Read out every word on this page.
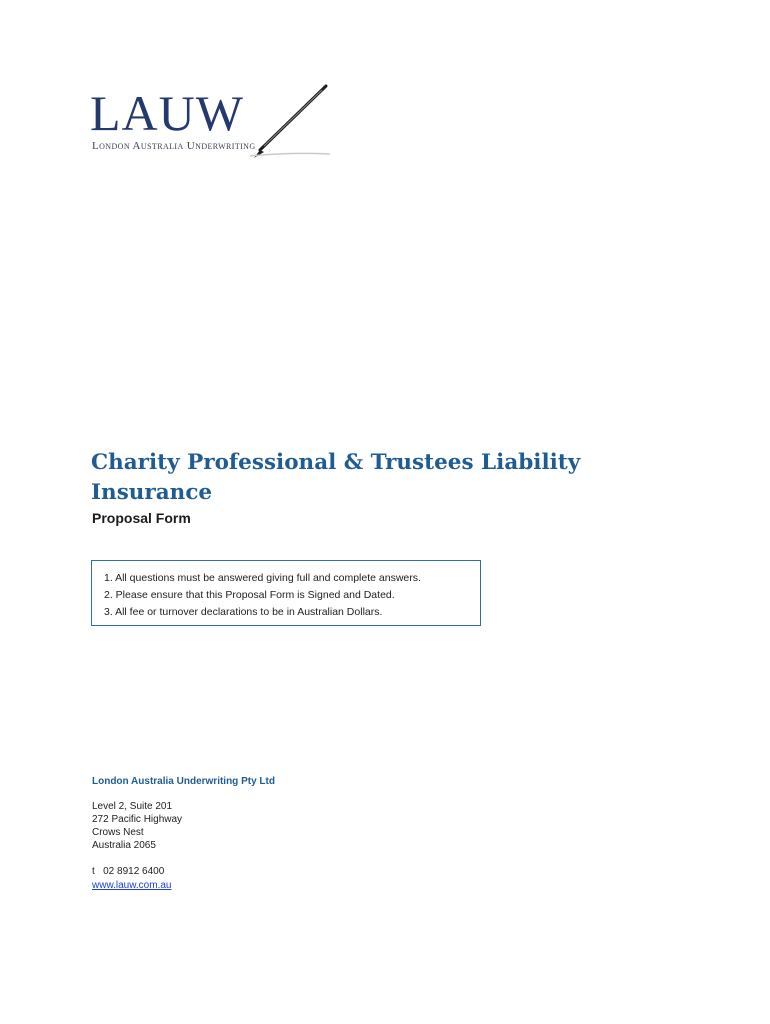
LAUW
London Australia Underwriting
Charity Professional & Trustees Liability Insurance
Proposal Form
1. All questions must be answered giving full and complete answers.
2. Please ensure that this Proposal Form is Signed and Dated.
3. All fee or turnover declarations to be in Australian Dollars.
London Australia Underwriting Pty Ltd
Level 2, Suite 201
272 Pacific Highway
Crows Nest
Australia 2065
t   02 8912 6400
www.lauw.com.au
